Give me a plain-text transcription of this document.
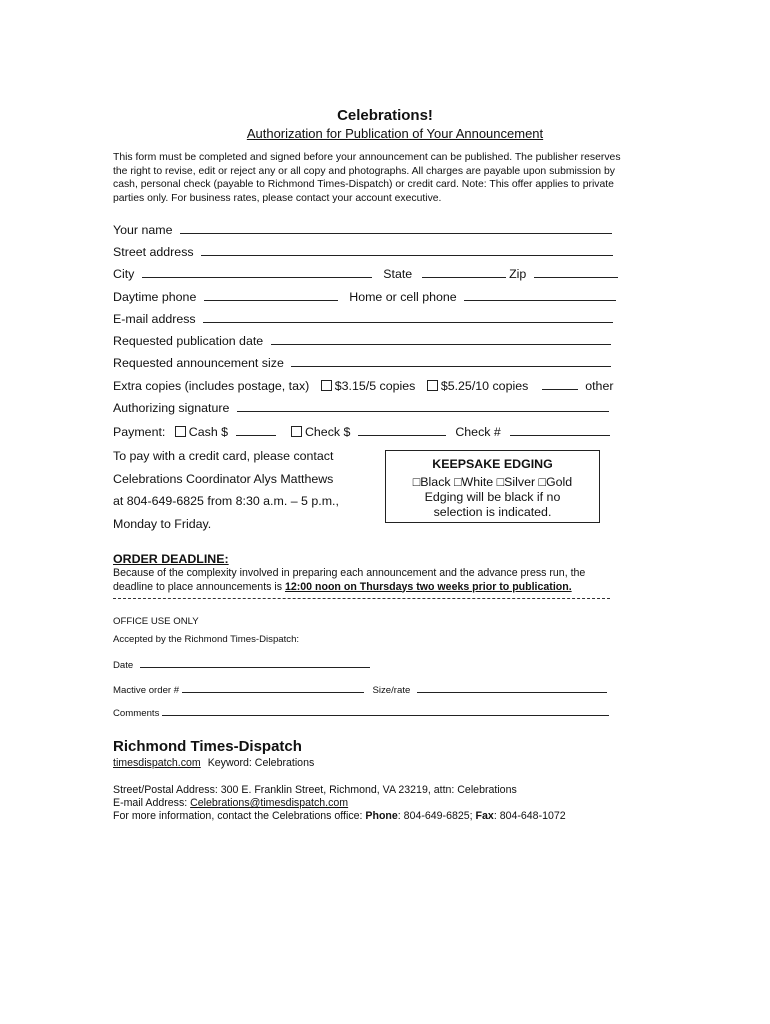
Celebrations!
Authorization for Publication of Your Announcement
This form must be completed and signed before your announcement can be published. The publisher reserves the right to revise, edit or reject any or all copy and photographs. All charges are payable upon submission by cash, personal check (payable to Richmond Times-Dispatch) or credit card. Note: This offer applies to private parties only. For business rates, please contact your account executive.
Your name
Street address
City	State	Zip
Daytime phone	Home or cell phone
E-mail address
Requested publication date
Requested announcement size
Extra copies (includes postage, tax) $3.15/5 copies $5.25/10 copies	other
Authorizing signature
Payment: Cash $	Check $	Check #
To pay with a credit card, please contact
Celebrations Coordinator Alys Matthews
at 804-649-6825 from 8:30 a.m. – 5 p.m.,
Monday to Friday.
KEEPSAKE EDGING
□Black □White □Silver □Gold
Edging will be black if no
selection is indicated.
ORDER DEADLINE:
Because of the complexity involved in preparing each announcement and the advance press run, the
deadline to place announcements is 12:00 noon on Thursdays two weeks prior to publication.
OFFICE USE ONLY
Accepted by the Richmond Times-Dispatch:
Date
Mactive order #	Size/rate
Comments
Richmond Times-Dispatch
timesdispatch.com Keyword: Celebrations
Street/Postal Address: 300 E. Franklin Street, Richmond, VA 23219, attn: Celebrations
E-mail Address: Celebrations@timesdispatch.com
For more information, contact the Celebrations office: Phone: 804-649-6825; Fax: 804-648-1072
